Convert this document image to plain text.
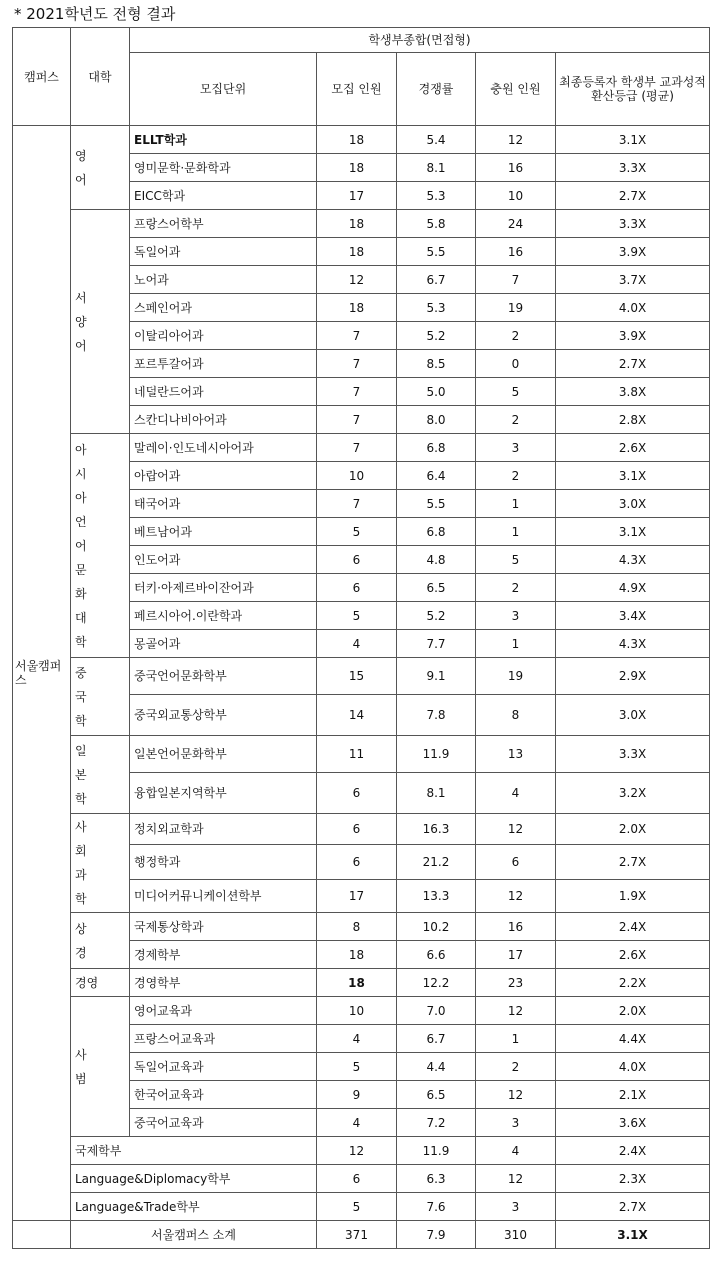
* 2021학년도 전형 결과
캠퍼스	대학	학생부종합(면접형)				
		모집단위	모집 인원	경쟁률	충원 인원	최종등록자 학생부 교과성적 환산등급 (평균)
서울캠퍼스	영어	ELLT학과	18	5.4	12	3.1X
		영미문학·문화학과	18	8.1	16	3.3X
		EICC학과	17	5.3	10	2.7X

	서양어	프랑스어학부	18	5.8	24	3.3X
		독일어과	18	5.5	16	3.9X
		노어과	12	6.7	7	3.7X
		스페인어과	18	5.3	19	4.0X
		이탈리아어과	7	5.2	2	3.9X
		포르투갈어과	7	8.5	0	2.7X
		네덜란드어과	7	5.0	5	3.8X
		스칸디나비아어과	7	8.0	2	2.8X

	아시아언어문화대학	말레이·인도네시아어과	7	6.8	3	2.6X
		아랍어과	10	6.4	2	3.1X
		태국어과	7	5.5	1	3.0X
		베트남어과	5	6.8	1	3.1X
		인도어과	6	4.8	5	4.3X
		터키·아제르바이잔어과	6	6.5	2	4.9X
		페르시아어.이란학과	5	5.2	3	3.4X
		몽골어과	4	7.7	1	4.3X

	중국학	중국언어문화학부	15	9.1	19	2.9X
		중국외교통상학부	14	7.8	8	3.0X

	일본학	일본언어문화학부	11	11.9	13	3.3X
		융합일본지역학부	6	8.1	4	3.2X

	사회과학	정치외교학과	6	16.3	12	2.0X
		행정학과	6	21.2	6	2.7X
		미디어커뮤니케이션학부	17	13.3	12	1.9X

	상경	국제통상학과	8	10.2	16	2.4X
		경제학부	18	6.6	17	2.6X
	경영	경영학부	18	12.2	23	2.2X

	사범	영어교육과	10	7.0	12	2.0X
		프랑스어교육과	4	6.7	1	4.4X
		독일어교육과	5	4.4	2	4.0X
		한국어교육과	9	6.5	12	2.1X
		중국어교육과	4	7.2	3	3.6X
	국제학부		12	11.9	4	2.4X
	Language&Diplomacy학부		6	6.3	12	2.3X
	Language&Trade학부		5	7.6	3	2.7X
	서울캠퍼스 소계		371	7.9	310	3.1X
